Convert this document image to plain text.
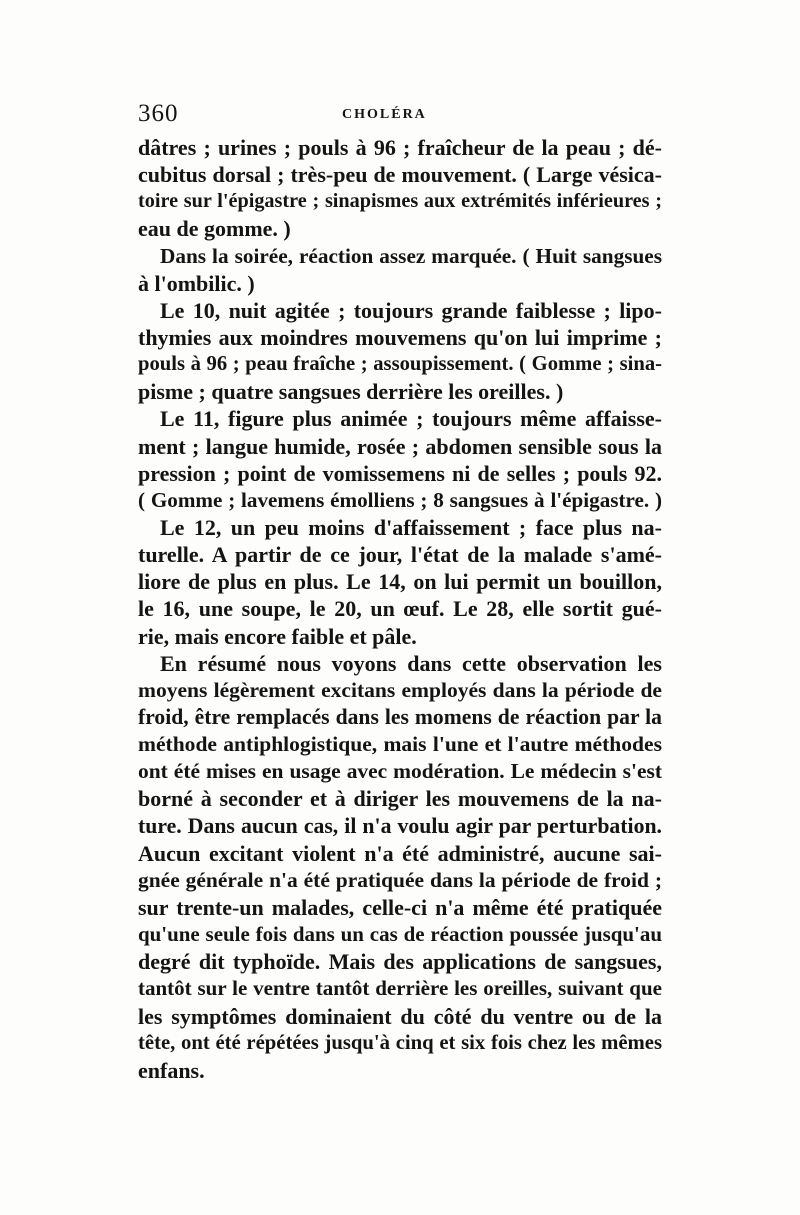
360	CHOLÉRA
dâtres ; urines ; pouls à 96 ; fraîcheur de la peau ; dé-
cubitus dorsal ; très-peu de mouvement. ( Large vésica-
toire sur l'épigastre ; sinapismes aux extrémités inférieures ;
eau de gomme. )
Dans la soirée, réaction assez marquée. ( Huit sangsues
à l'ombilic. )
Le 10, nuit agitée ; toujours grande faiblesse ; lipo-
thymies aux moindres mouvemens qu'on lui imprime ;
pouls à 96 ; peau fraîche ; assoupissement. ( Gomme ; sina-
pisme ; quatre sangsues derrière les oreilles. )
Le 11, figure plus animée ; toujours même affaisse-
ment ; langue humide, rosée ; abdomen sensible sous la
pression ; point de vomissemens ni de selles ; pouls 92.
( Gomme ; lavemens émolliens ; 8 sangsues à l'épigastre. )
Le 12, un peu moins d'affaissement ; face plus na-
turelle. A partir de ce jour, l'état de la malade s'amé-
liore de plus en plus. Le 14, on lui permit un bouillon,
le 16, une soupe, le 20, un œuf. Le 28, elle sortit gué-
rie, mais encore faible et pâle.
En résumé nous voyons dans cette observation les
moyens légèrement excitans employés dans la période de
froid, être remplacés dans les momens de réaction par la
méthode antiphlogistique, mais l'une et l'autre méthodes
ont été mises en usage avec modération. Le médecin s'est
borné à seconder et à diriger les mouvemens de la na-
ture. Dans aucun cas, il n'a voulu agir par perturbation.
Aucun excitant violent n'a été administré, aucune sai-
gnée générale n'a été pratiquée dans la période de froid ;
sur trente-un malades, celle-ci n'a même été pratiquée
qu'une seule fois dans un cas de réaction poussée jusqu'au
degré dit typhoïde. Mais des applications de sangsues,
tantôt sur le ventre tantôt derrière les oreilles, suivant que
les symptômes dominaient du côté du ventre ou de la
tête, ont été répétées jusqu'à cinq et six fois chez les mêmes
enfans.
